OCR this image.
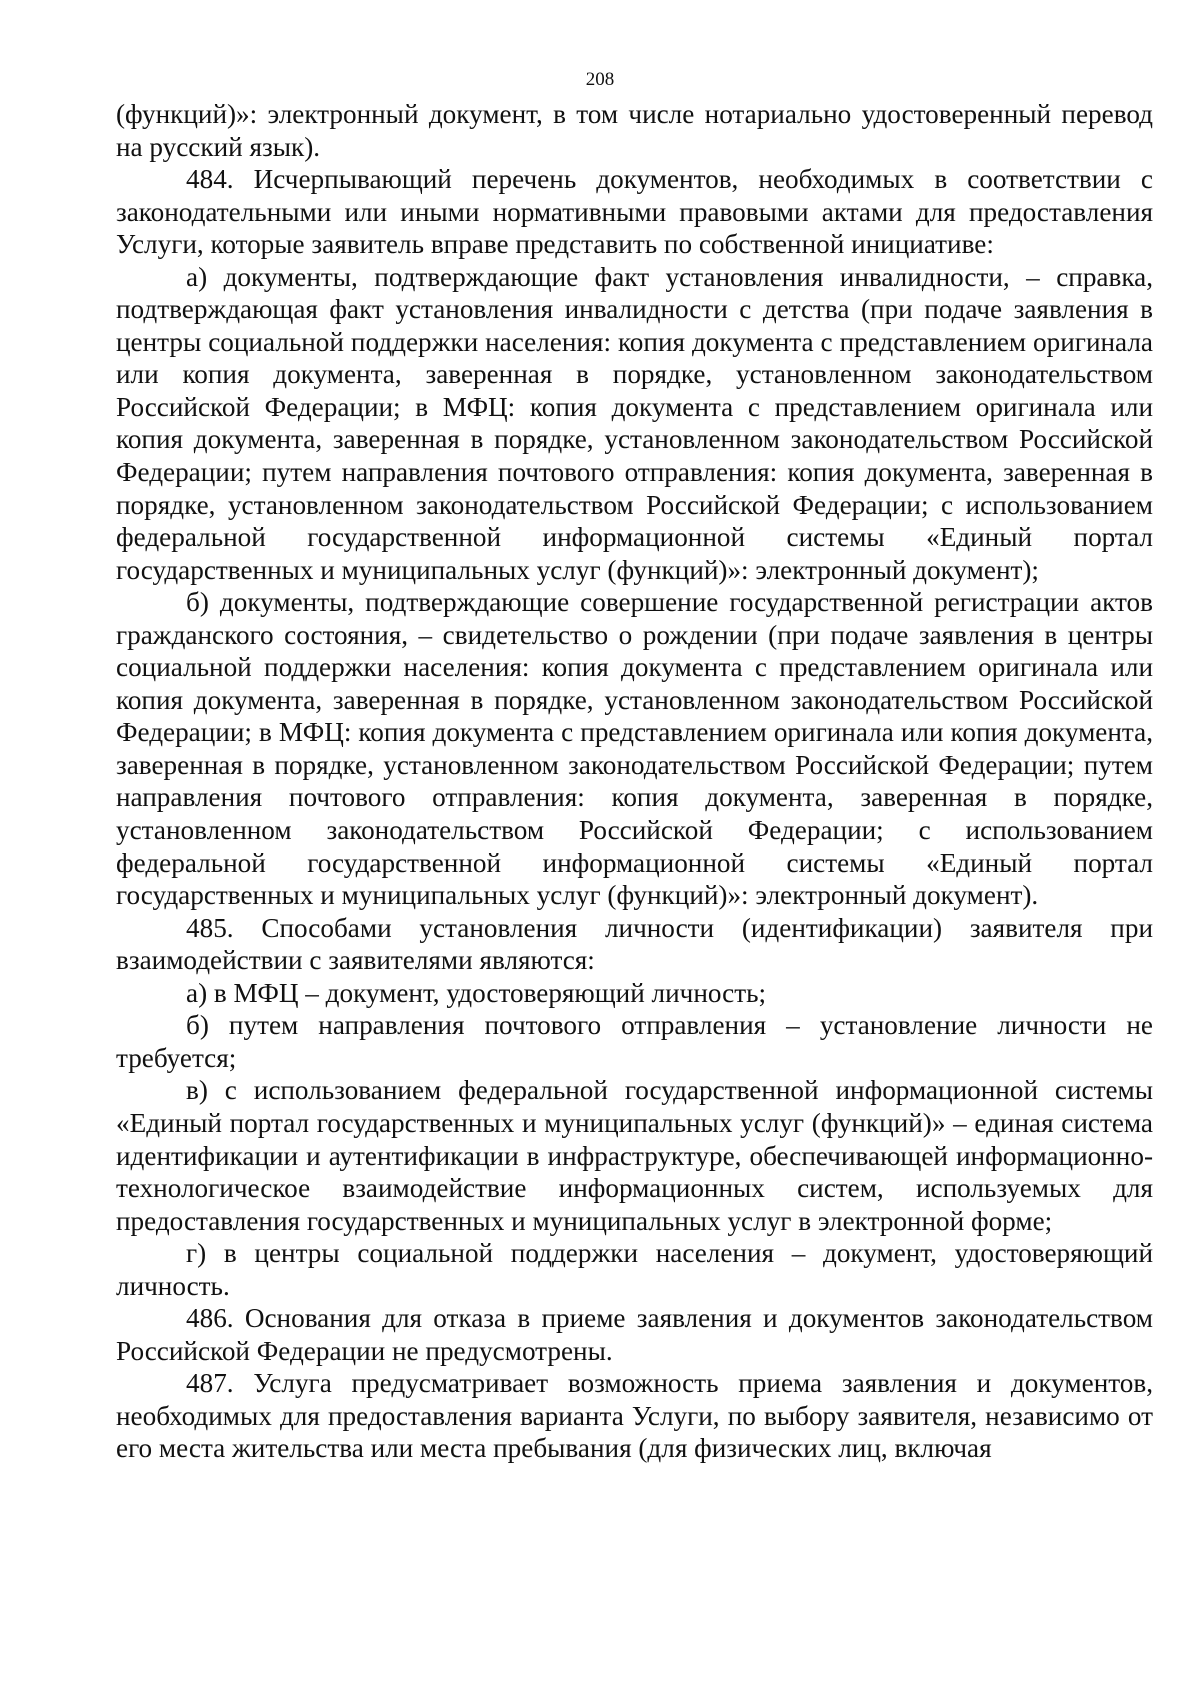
208

(функций)»: электронный документ, в том числе нотариально удостоверенный перевод на русский язык).

484. Исчерпывающий перечень документов, необходимых в соответствии с законодательными или иными нормативными правовыми актами для предоставления Услуги, которые заявитель вправе представить по собственной инициативе:

а) документы, подтверждающие факт установления инвалидности, – справка, подтверждающая факт установления инвалидности с детства (при подаче заявления в центры социальной поддержки населения: копия документа с представлением оригинала или копия документа, заверенная в порядке, установленном законодательством Российской Федерации; в МФЦ: копия документа с представлением оригинала или копия документа, заверенная в порядке, установленном законодательством Российской Федерации; путем направления почтового отправления: копия документа, заверенная в порядке, установленном законодательством Российской Федерации; с использованием федеральной государственной информационной системы «Единый портал государственных и муниципальных услуг (функций)»: электронный документ);

б) документы, подтверждающие совершение государственной регистрации актов гражданского состояния, – свидетельство о рождении (при подаче заявления в центры социальной поддержки населения: копия документа с представлением оригинала или копия документа, заверенная в порядке, установленном законодательством Российской Федерации; в МФЦ: копия документа с представлением оригинала или копия документа, заверенная в порядке, установленном законодательством Российской Федерации; путем направления почтового отправления: копия документа, заверенная в порядке, установленном законодательством Российской Федерации; с использованием федеральной государственной информационной системы «Единый портал государственных и муниципальных услуг (функций)»: электронный документ).

485. Способами установления личности (идентификации) заявителя при взаимодействии с заявителями являются:

а) в МФЦ – документ, удостоверяющий личность;

б) путем направления почтового отправления – установление личности не требуется;

в) с использованием федеральной государственной информационной системы «Единый портал государственных и муниципальных услуг (функций)» – единая система идентификации и аутентификации в инфраструктуре, обеспечивающей информационно-технологическое взаимодействие информационных систем, используемых для предоставления государственных и муниципальных услуг в электронной форме;

г) в центры социальной поддержки населения – документ, удостоверяющий личность.

486. Основания для отказа в приеме заявления и документов законодательством Российской Федерации не предусмотрены.

487. Услуга предусматривает возможность приема заявления и документов, необходимых для предоставления варианта Услуги, по выбору заявителя, независимо от его места жительства или места пребывания (для физических лиц, включая
